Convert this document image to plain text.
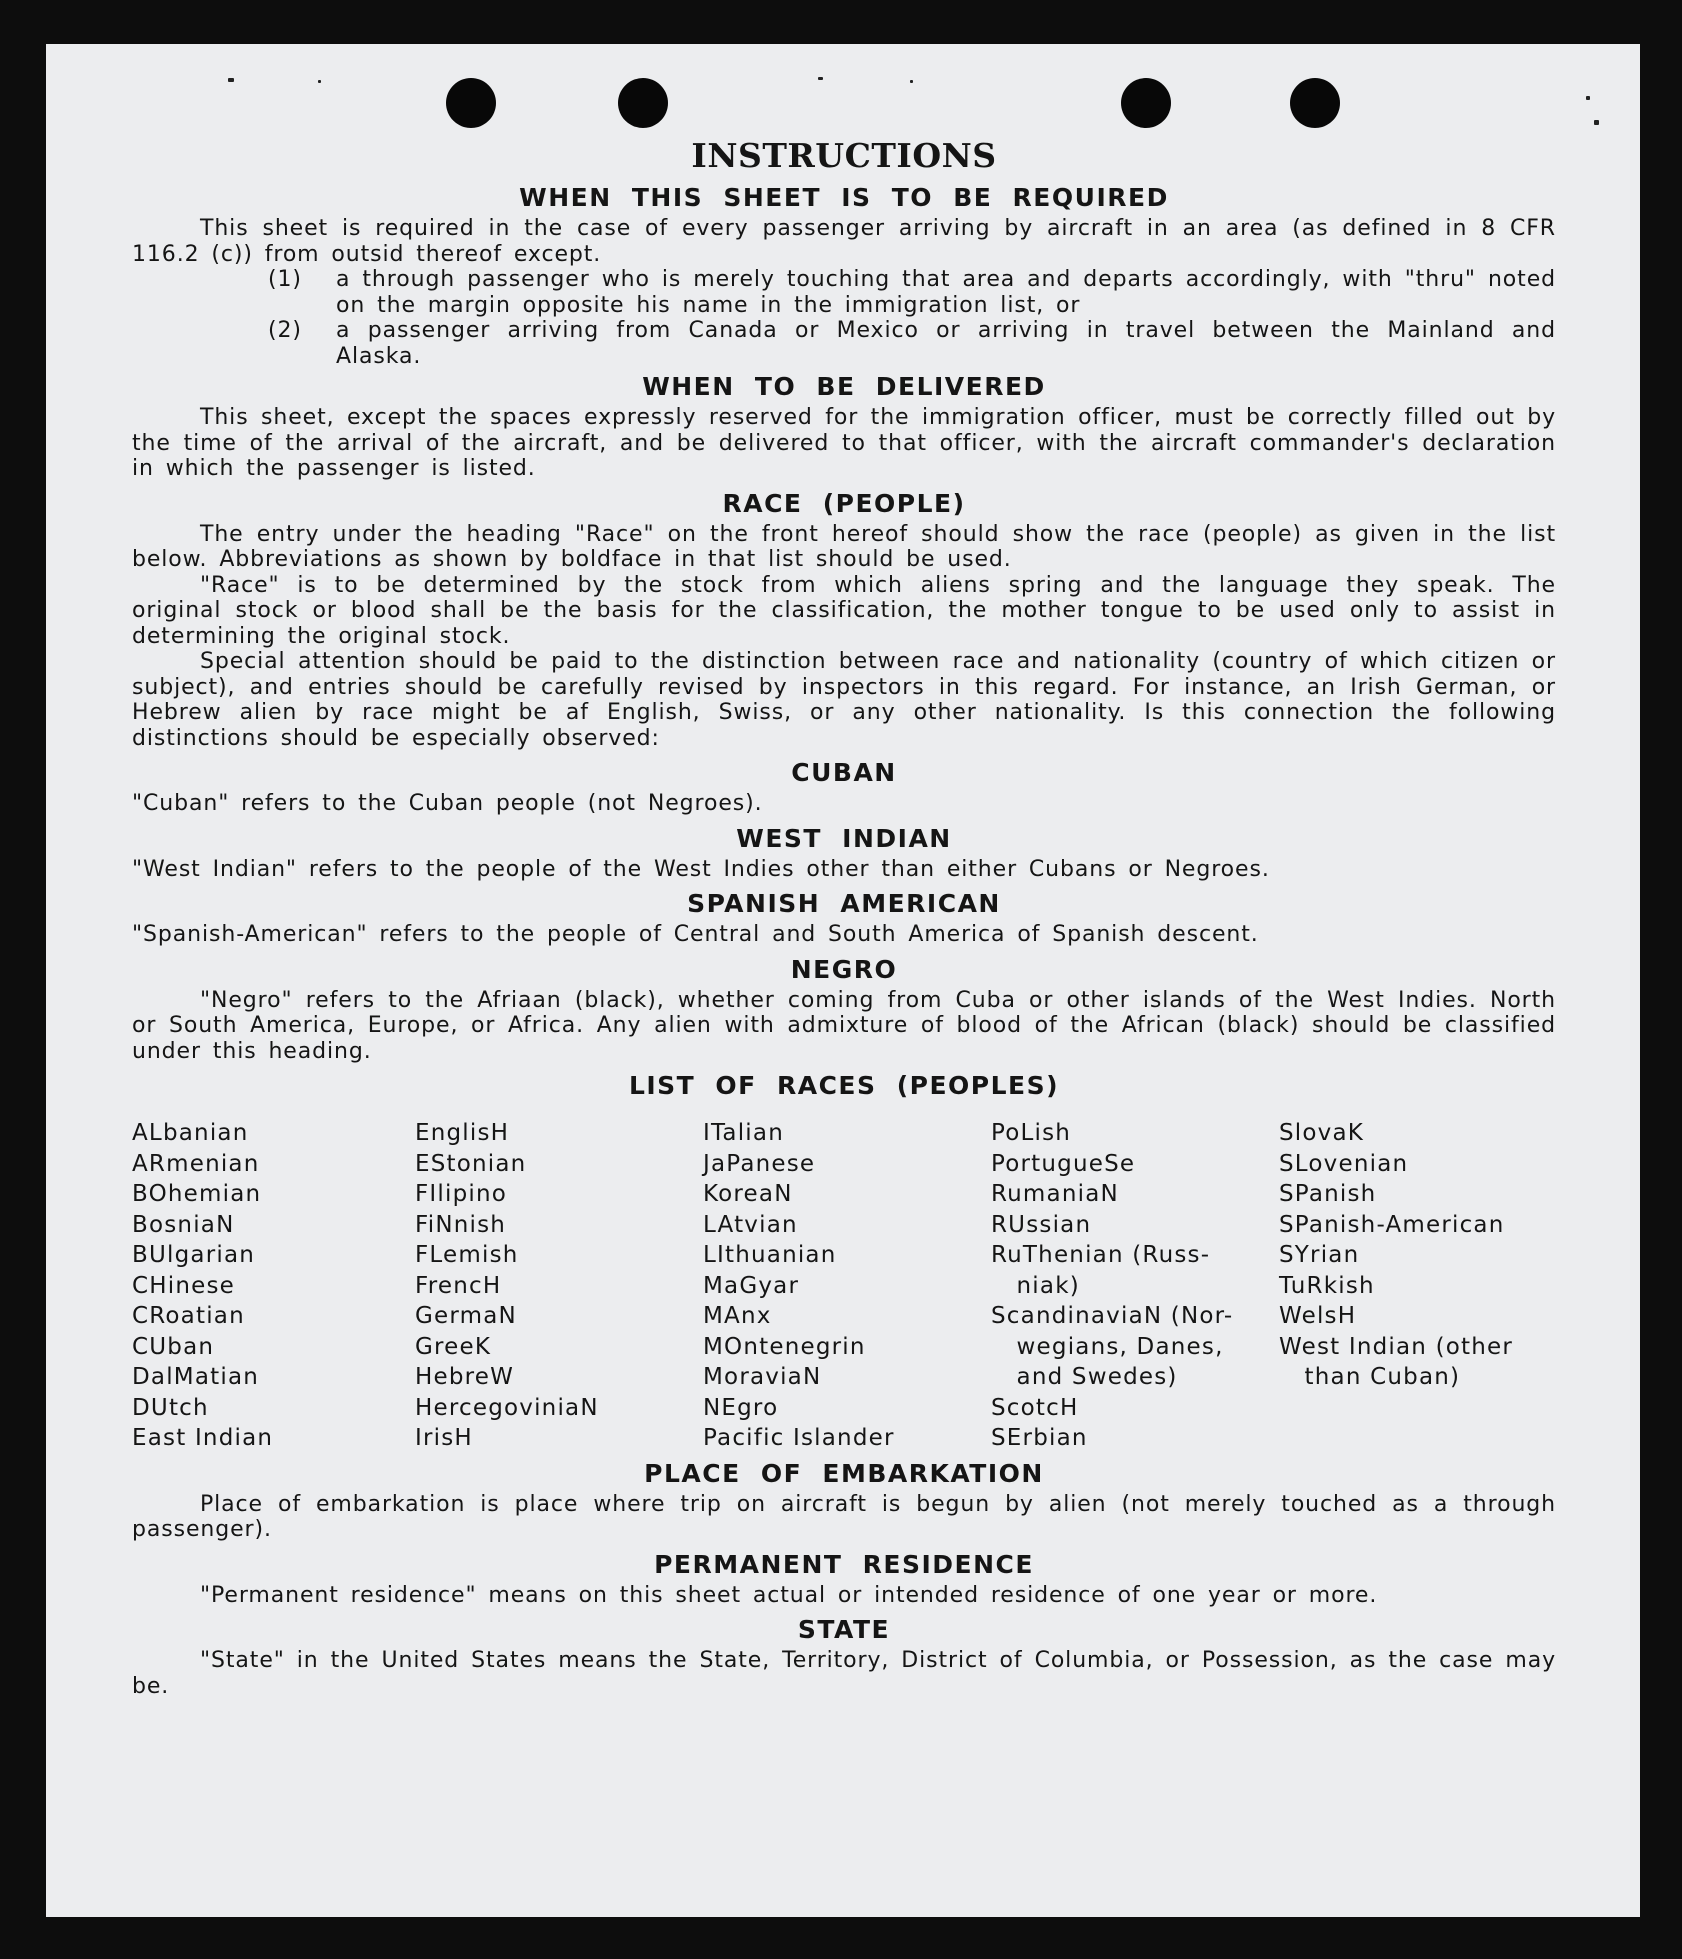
INSTRUCTIONS
WHEN THIS SHEET IS TO BE REQUIRED

This sheet is required in the case of every passenger arriving by aircraft in an area (as defined in 8 CFR 116.2 (c)) from outsid thereof except.

(1)	a through passenger who is merely touching that area and departs accordingly, with "thru" noted on the margin opposite his name in the immigration list, or
(2)	a passenger arriving from Canada or Mexico or arriving in travel between the Mainland and Alaska.
WHEN TO BE DELIVERED

This sheet, except the spaces expressly reserved for the immigration officer, must be correctly filled out by the time of the arrival of the aircraft, and be delivered to that officer, with the aircraft commander's declaration in which the passenger is listed.

RACE (PEOPLE)

The entry under the heading "Race" on the front hereof should show the race (people) as given in the list below. Abbreviations as shown by boldface in that list should be used.

"Race" is to be determined by the stock from which aliens spring and the language they speak. The original stock or blood shall be the basis for the classification, the mother tongue to be used only to assist in determining the original stock.

Special attention should be paid to the distinction between race and nationality (country of which citizen or subject), and entries should be carefully revised by inspectors in this regard. For instance, an Irish German, or Hebrew alien by race might be af English, Swiss, or any other nationality. Is this connection the following distinctions should be especially observed:

CUBAN

"Cuban" refers to the Cuban people (not Negroes).

WEST INDIAN

"West Indian" refers to the people of the West Indies other than either Cubans or Negroes.

SPANISH AMERICAN

"Spanish-American" refers to the people of Central and South America of Spanish descent.

NEGRO

"Negro" refers to the Afriaan (black), whether coming from Cuba or other islands of the West Indies. North or South America, Europe, or Africa. Any alien with admixture of blood of the African (black) should be classified under this heading.

LIST OF RACES (PEOPLES)
ALbanian
ARmenian
BOhemian
BosniaN
BUlgarian
CHinese
CRoatian
CUban
DalMatian
DUtch
East Indian
EnglisH
EStonian
FIlipino
FiNnish
FLemish
FrencH
GermaN
GreeK
HebreW
HercegoviniaN
IrisH
ITalian
JaPanese
KoreaN
LAtvian
LIthuanian
MaGyar
MAnx
MOntenegrin
MoraviaN
NEgro
Pacific Islander
PoLish
PortugueSe
RumaniaN
RUssian
RuThenian (Russ-
niak)
ScandinaviaN (Nor-
wegians, Danes,
and Swedes)
ScotcH
SErbian
SlovaK
SLovenian
SPanish
SPanish-American
SYrian
TuRkish
WelsH
West Indian (other
than Cuban)
PLACE OF EMBARKATION

Place of embarkation is place where trip on aircraft is begun by alien (not merely touched as a through passenger).

PERMANENT RESIDENCE

"Permanent residence" means on this sheet actual or intended residence of one year or more.

STATE

"State" in the United States means the State, Territory, District of Columbia, or Possession, as the case may be.
